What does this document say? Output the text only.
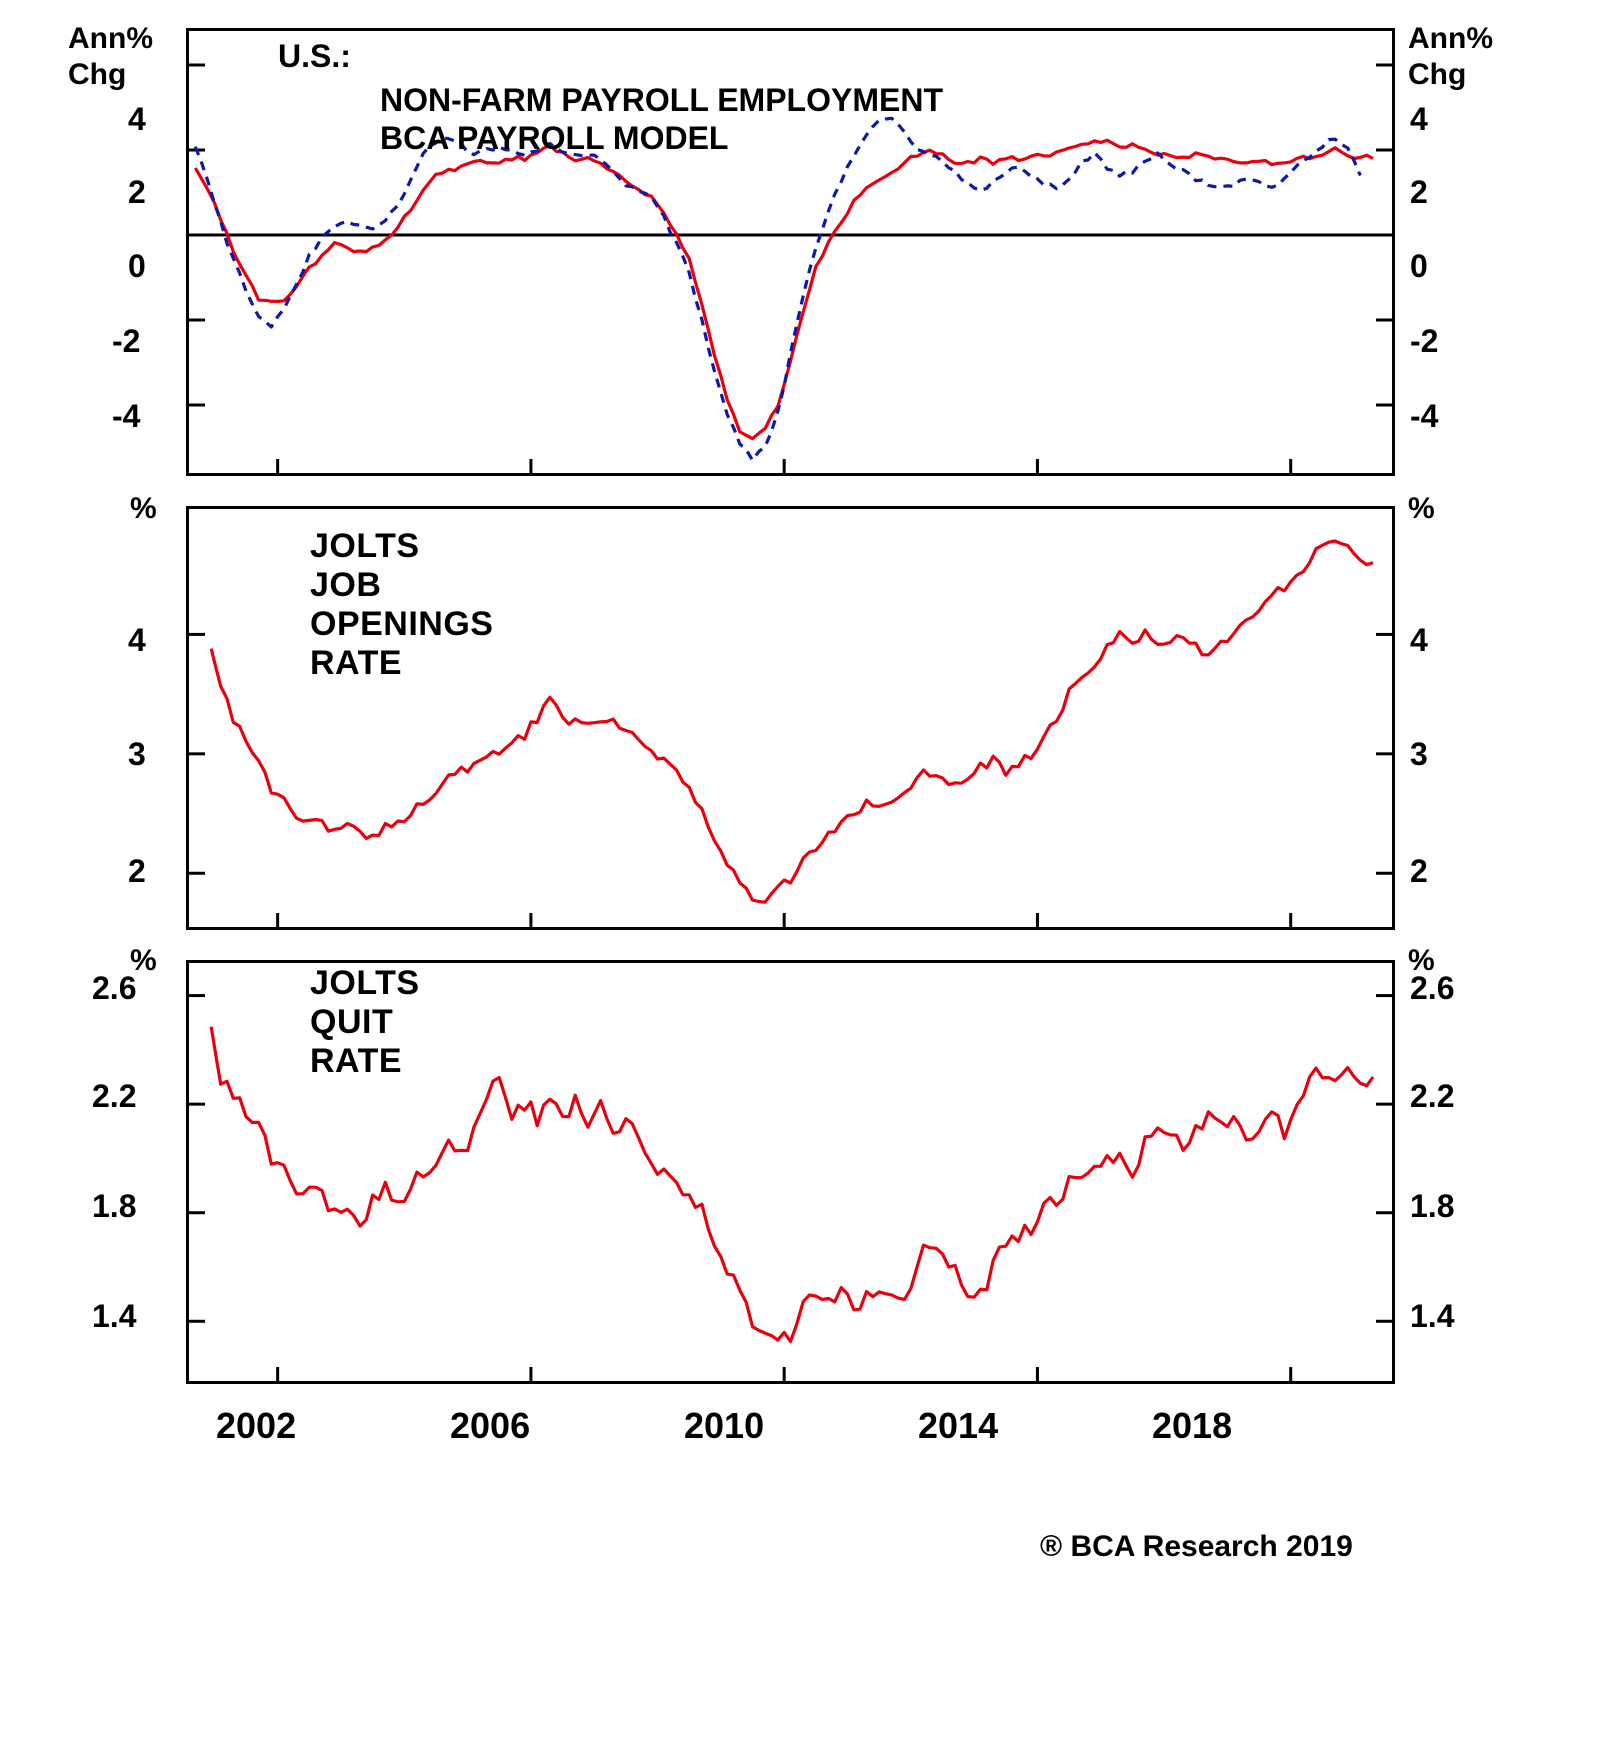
Ann%
Chg
Ann%
Chg
4
2
0
-2
-4
4
2
0
-2
-4
U.S.:
NON-FARM PAYROLL EMPLOYMENT
BCA PAYROLL MODEL
%	%
4
3
2
4
3
2
JOLTS JOB OPENINGS RATE
%	%
2.6
2.2
1.8
1.4
2.6
2.2
1.8
1.4
JOLTS QUIT RATE
2002	2006	2010	2014	2018
® BCA Research 2019
